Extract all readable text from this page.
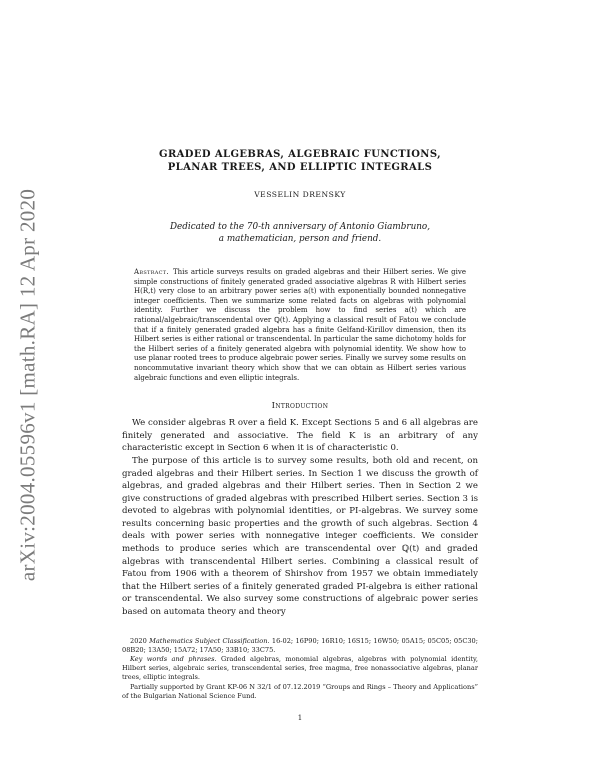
arXiv:2004.05596v1 [math.RA] 12 Apr 2020
GRADED ALGEBRAS, ALGEBRAIC FUNCTIONS,
PLANAR TREES, AND ELLIPTIC INTEGRALS
VESSELIN DRENSKY
Dedicated to the 70-th anniversary of Antonio Giambruno,
a mathematician, person and friend.
Abstract. This article surveys results on graded algebras and their Hilbert series. We give simple constructions of finitely generated graded associative algebras R with Hilbert series H(R,t) very close to an arbitrary power series a(t) with exponentially bounded nonnegative integer coefficients. Then we summarize some related facts on algebras with polynomial identity. Further we discuss the problem how to find series a(t) which are rational/algebraic/transcendental over ℚ(t). Applying a classical result of Fatou we conclude that if a finitely generated graded algebra has a finite Gelfand-Kirillov dimension, then its Hilbert series is either rational or transcendental. In particular the same dichotomy holds for the Hilbert series of a finitely generated algebra with polynomial identity. We show how to use planar rooted trees to produce algebraic power series. Finally we survey some results on noncommutative invariant theory which show that we can obtain as Hilbert series various algebraic functions and even elliptic integrals.
Introduction

We consider algebras R over a field K. Except Sections 5 and 6 all algebras are finitely generated and associative. The field K is an arbitrary of any characteristic except in Section 6 when it is of characteristic 0.

The purpose of this article is to survey some results, both old and recent, on graded algebras and their Hilbert series. In Section 1 we discuss the growth of algebras, and graded algebras and their Hilbert series. Then in Section 2 we give constructions of graded algebras with prescribed Hilbert series. Section 3 is devoted to algebras with polynomial identities, or PI-algebras. We survey some results concerning basic properties and the growth of such algebras. Section 4 deals with power series with nonnegative integer coefficients. We consider methods to produce series which are transcendental over ℚ(t) and graded algebras with transcendental Hilbert series. Combining a classical result of Fatou from 1906 with a theorem of Shirshov from 1957 we obtain immediately that the Hilbert series of a finitely generated graded PI-algebra is either rational or transcendental. We also survey some constructions of algebraic power series based on automata theory and theory

2020 Mathematics Subject Classification. 16-02; 16P90; 16R10; 16S15; 16W50; 05A15; 05C05; 05C30; 08B20; 13A50; 15A72; 17A50; 33B10; 33C75.

Key words and phrases. Graded algebras, monomial algebras, algebras with polynomial identity, Hilbert series, algebraic series, transcendental series, free magma, free nonassociative algebras, planar trees, elliptic integrals.

Partially supported by Grant KP-06 N 32/1 of 07.12.2019 “Groups and Rings – Theory and Applications” of the Bulgarian National Science Fund.

1
